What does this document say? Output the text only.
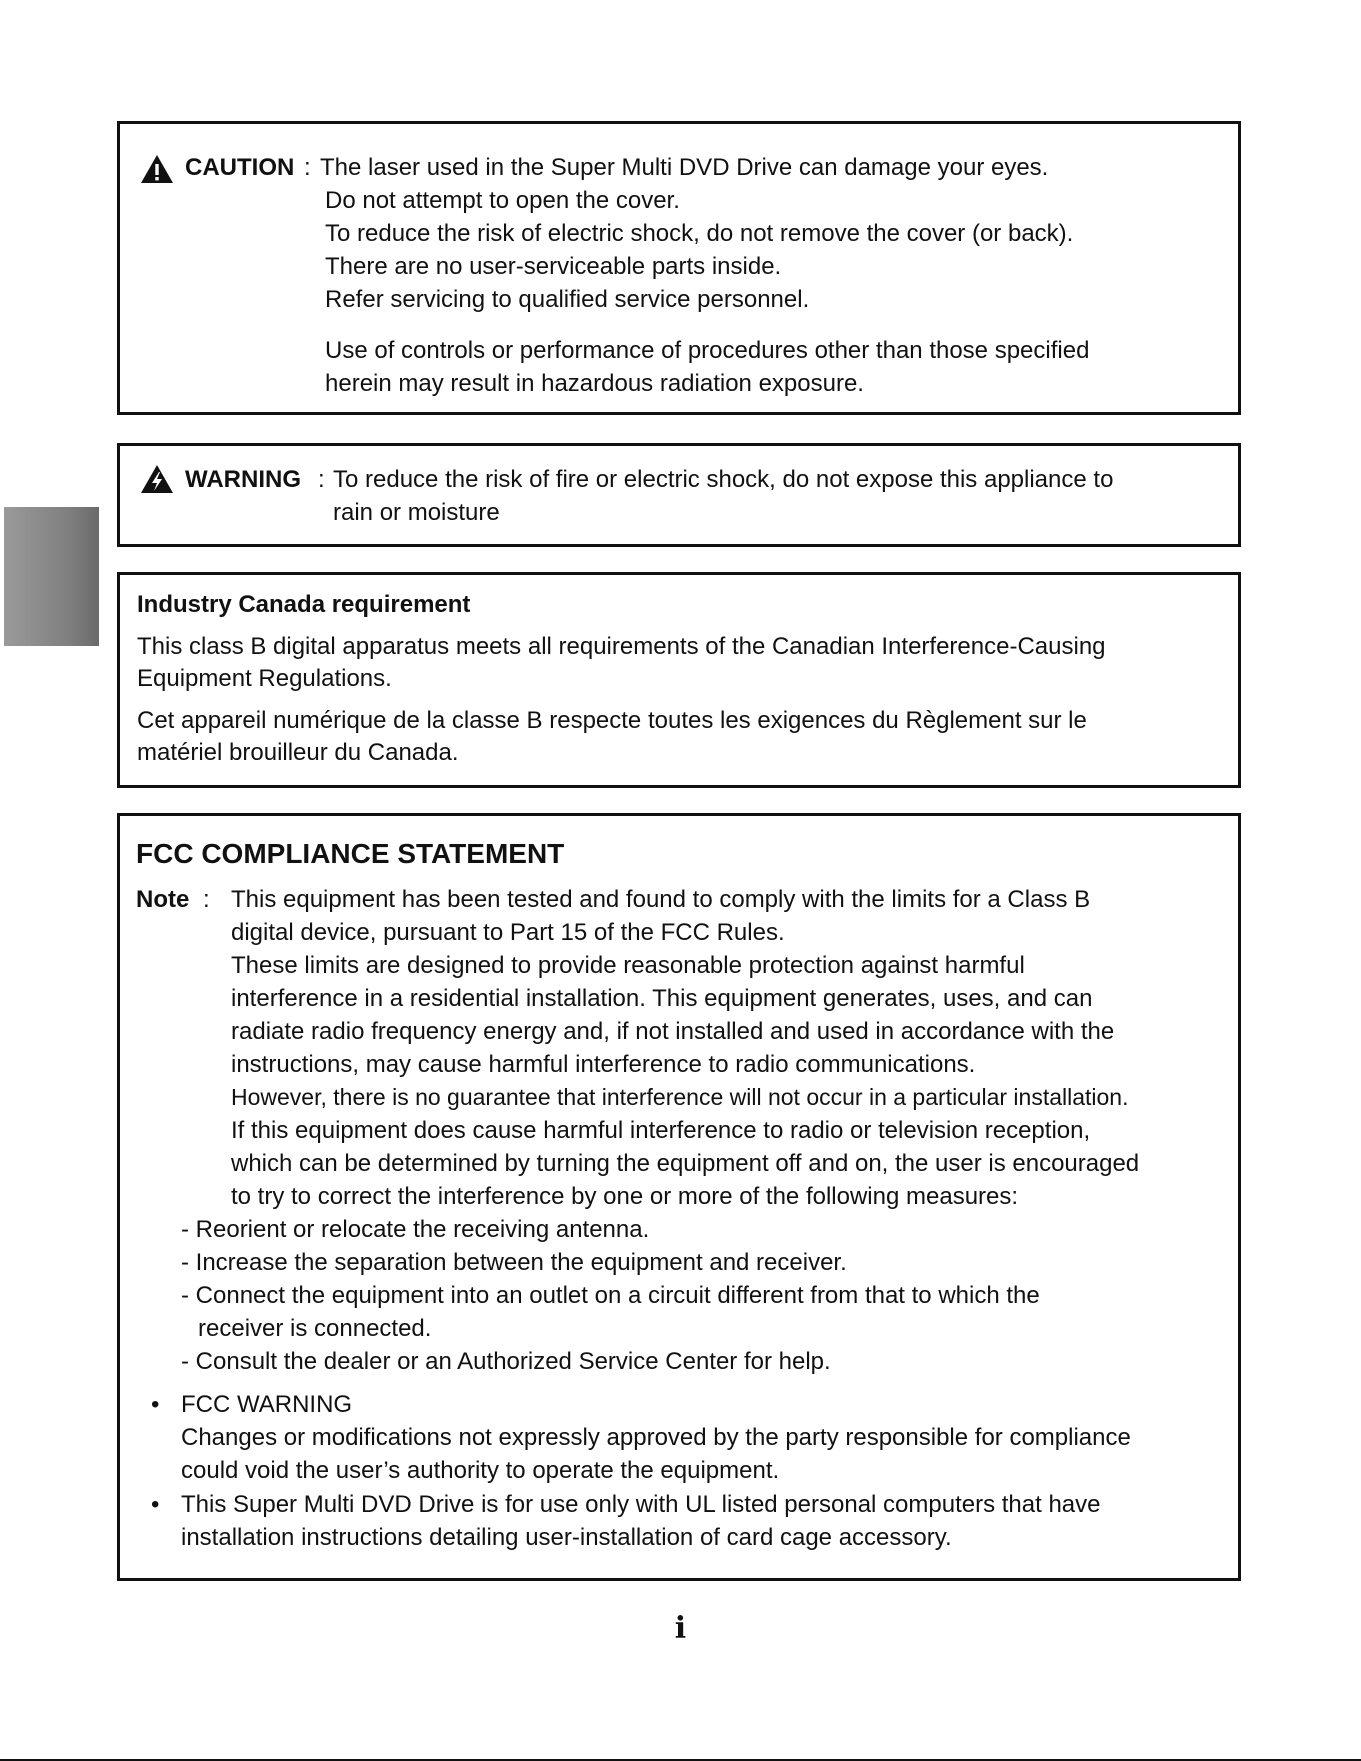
CAUTION : The laser used in the Super Multi DVD Drive can damage your eyes.
Do not attempt to open the cover.
To reduce the risk of electric shock, do not remove the cover (or back).
There are no user-serviceable parts inside.
Refer servicing to qualified service personnel.
Use of controls or performance of procedures other than those specified
herein may result in hazardous radiation exposure.
WARNING : To reduce the risk of fire or electric shock, do not expose this appliance to
rain or moisture
Industry Canada requirement
This class B digital apparatus meets all requirements of the Canadian Interference-Causing
Equipment Regulations.
Cet appareil numérique de la classe B respecte toutes les exigences du Règlement sur le
matériel brouilleur du Canada.
FCC COMPLIANCE STATEMENT
Note : This equipment has been tested and found to comply with the limits for a Class B
digital device, pursuant to Part 15 of the FCC Rules.
These limits are designed to provide reasonable protection against harmful
interference in a residential installation. This equipment generates, uses, and can
radiate radio frequency energy and, if not installed and used in accordance with the
instructions, may cause harmful interference to radio communications.
However, there is no guarantee that interference will not occur in a particular installation.
If this equipment does cause harmful interference to radio or television reception,
which can be determined by turning the equipment off and on, the user is encouraged
to try to correct the interference by one or more of the following measures:
- Reorient or relocate the receiving antenna.
- Increase the separation between the equipment and receiver.
- Connect the equipment into an outlet on a circuit different from that to which the
receiver is connected.
- Consult the dealer or an Authorized Service Center for help.
• FCC WARNING
Changes or modifications not expressly approved by the party responsible for compliance
could void the user’s authority to operate the equipment.
• This Super Multi DVD Drive is for use only with UL listed personal computers that have
installation instructions detailing user-installation of card cage accessory.
i
